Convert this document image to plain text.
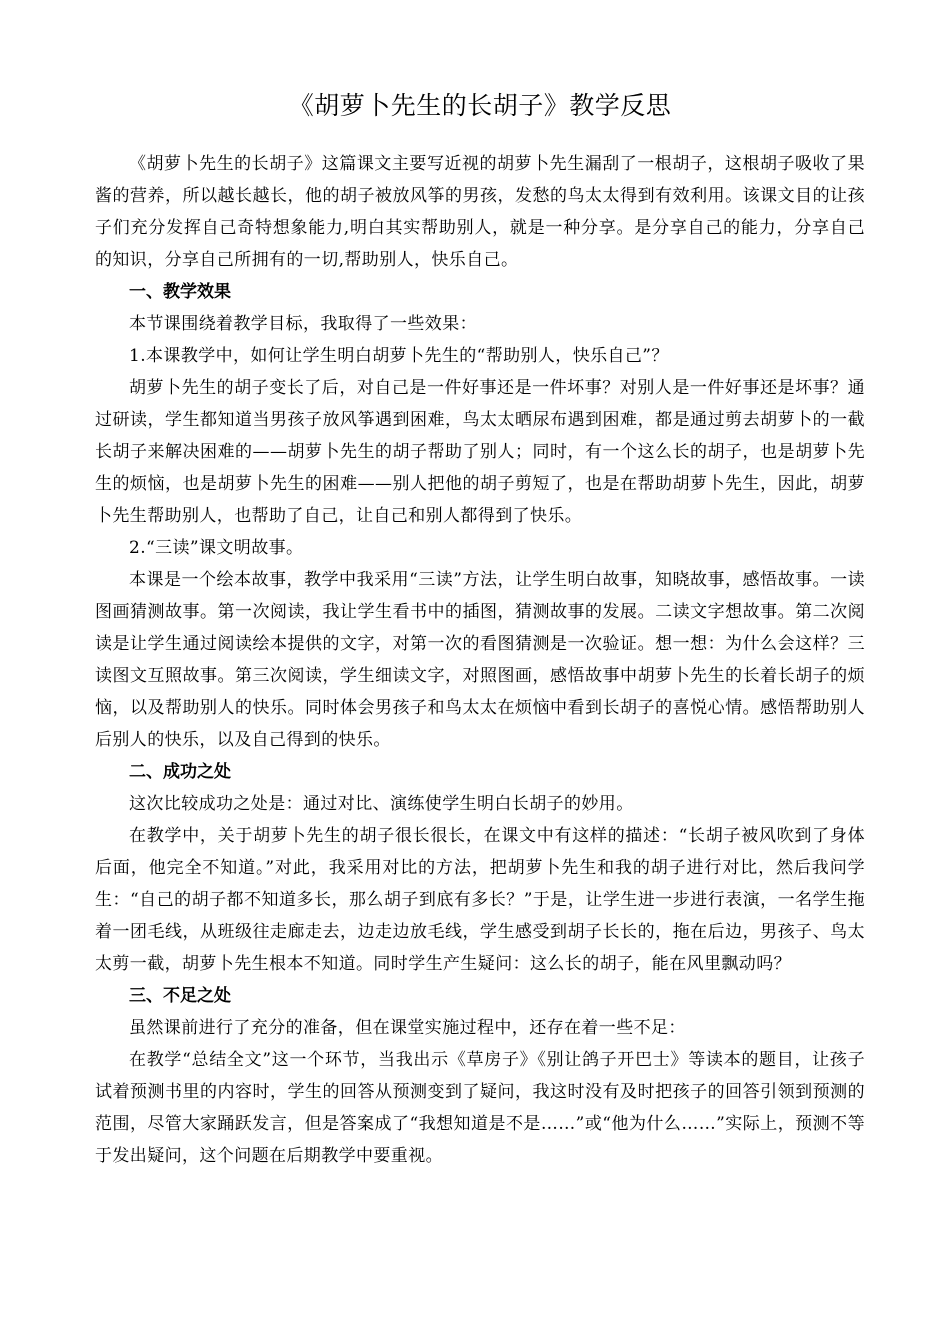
《胡萝卜先生的长胡子》教学反思

《胡萝卜先生的长胡子》这篇课文主要写近视的胡萝卜先生漏刮了一根胡子，这根胡子吸收了果酱的营养，所以越长越长，他的胡子被放风筝的男孩，发愁的鸟太太得到有效利用。该课文目的让孩子们充分发挥自己奇特想象能力,明白其实帮助别人，就是一种分享。是分享自己的能力，分享自己的知识，分享自己所拥有的一切,帮助别人，快乐自己。

一、教学效果

本节课围绕着教学目标，我取得了一些效果：

1.本课教学中，如何让学生明白胡萝卜先生的“帮助别人，快乐自己”？

胡萝卜先生的胡子变长了后，对自己是一件好事还是一件坏事？对别人是一件好事还是坏事？通过研读，学生都知道当男孩子放风筝遇到困难，鸟太太晒尿布遇到困难，都是通过剪去胡萝卜的一截长胡子来解决困难的——胡萝卜先生的胡子帮助了别人；同时，有一个这么长的胡子，也是胡萝卜先生的烦恼，也是胡萝卜先生的困难——别人把他的胡子剪短了，也是在帮助胡萝卜先生，因此，胡萝卜先生帮助别人，也帮助了自己，让自己和别人都得到了快乐。

2.“三读”课文明故事。

本课是一个绘本故事，教学中我采用“三读”方法，让学生明白故事，知晓故事，感悟故事。一读图画猜测故事。第一次阅读，我让学生看书中的插图，猜测故事的发展。二读文字想故事。第二次阅读是让学生通过阅读绘本提供的文字，对第一次的看图猜测是一次验证。想一想：为什么会这样？三读图文互照故事。第三次阅读，学生细读文字，对照图画，感悟故事中胡萝卜先生的长着长胡子的烦恼，以及帮助别人的快乐。同时体会男孩子和鸟太太在烦恼中看到长胡子的喜悦心情。感悟帮助别人后别人的快乐，以及自己得到的快乐。

二、成功之处

这次比较成功之处是：通过对比、演练使学生明白长胡子的妙用。

在教学中，关于胡萝卜先生的胡子很长很长，在课文中有这样的描述：“长胡子被风吹到了身体后面，他完全不知道。”对此，我采用对比的方法，把胡萝卜先生和我的胡子进行对比，然后我问学生：“自己的胡子都不知道多长，那么胡子到底有多长？”于是，让学生进一步进行表演，一名学生拖着一团毛线，从班级往走廊走去，边走边放毛线，学生感受到胡子长长的，拖在后边，男孩子、鸟太太剪一截，胡萝卜先生根本不知道。同时学生产生疑问：这么长的胡子，能在风里飘动吗？

三、不足之处

虽然课前进行了充分的准备，但在课堂实施过程中，还存在着一些不足：

在教学“总结全文”这一个环节，当我出示《草房子》《别让鸽子开巴士》等读本的题目，让孩子试着预测书里的内容时，学生的回答从预测变到了疑问，我这时没有及时把孩子的回答引领到预测的范围，尽管大家踊跃发言，但是答案成了“我想知道是不是……”或“他为什么……”实际上，预测不等于发出疑问，这个问题在后期教学中要重视。
